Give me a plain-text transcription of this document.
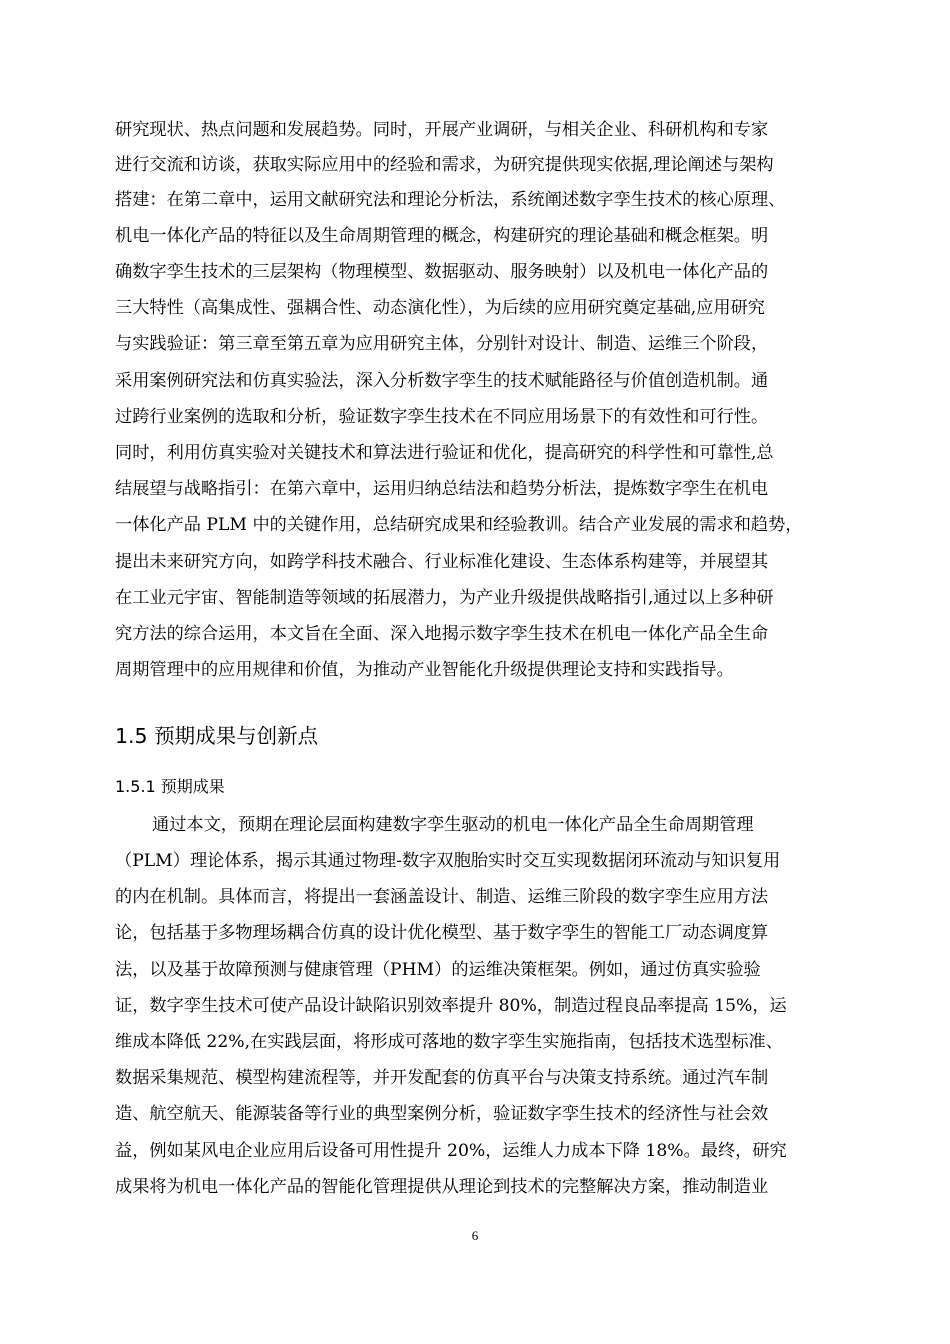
研究现状、热点问题和发展趋势。同时，开展产业调研，与相关企业、科研机构和专家
进行交流和访谈，获取实际应用中的经验和需求，为研究提供现实依据,理论阐述与架构
搭建：在第二章中，运用文献研究法和理论分析法，系统阐述数字孪生技术的核心原理、
机电一体化产品的特征以及生命周期管理的概念，构建研究的理论基础和概念框架。明
确数字孪生技术的三层架构（物理模型、数据驱动、服务映射）以及机电一体化产品的
三大特性（高集成性、强耦合性、动态演化性），为后续的应用研究奠定基础,应用研究
与实践验证：第三章至第五章为应用研究主体，分别针对设计、制造、运维三个阶段，
采用案例研究法和仿真实验法，深入分析数字孪生的技术赋能路径与价值创造机制。通
过跨行业案例的选取和分析，验证数字孪生技术在不同应用场景下的有效性和可行性。
同时，利用仿真实验对关键技术和算法进行验证和优化，提高研究的科学性和可靠性,总
结展望与战略指引：在第六章中，运用归纳总结法和趋势分析法，提炼数字孪生在机电
一体化产品 PLM 中的关键作用，总结研究成果和经验教训。结合产业发展的需求和趋势，
提出未来研究方向，如跨学科技术融合、行业标准化建设、生态体系构建等，并展望其
在工业元宇宙、智能制造等领域的拓展潜力，为产业升级提供战略指引,通过以上多种研
究方法的综合运用，本文旨在全面、深入地揭示数字孪生技术在机电一体化产品全生命
周期管理中的应用规律和价值，为推动产业智能化升级提供理论支持和实践指导。
1.5 预期成果与创新点
1.5.1 预期成果
通过本文，预期在理论层面构建数字孪生驱动的机电一体化产品全生命周期管理
（PLM）理论体系，揭示其通过物理-数字双胞胎实时交互实现数据闭环流动与知识复用
的内在机制。具体而言，将提出一套涵盖设计、制造、运维三阶段的数字孪生应用方法
论，包括基于多物理场耦合仿真的设计优化模型、基于数字孪生的智能工厂动态调度算
法，以及基于故障预测与健康管理（PHM）的运维决策框架。例如，通过仿真实验验
证，数字孪生技术可使产品设计缺陷识别效率提升 80%，制造过程良品率提高 15%，运
维成本降低 22%,在实践层面，将形成可落地的数字孪生实施指南，包括技术选型标准、
数据采集规范、模型构建流程等，并开发配套的仿真平台与决策支持系统。通过汽车制
造、航空航天、能源装备等行业的典型案例分析，验证数字孪生技术的经济性与社会效
益，例如某风电企业应用后设备可用性提升 20%，运维人力成本下降 18%。最终，研究
成果将为机电一体化产品的智能化管理提供从理论到技术的完整解决方案，推动制造业
6
